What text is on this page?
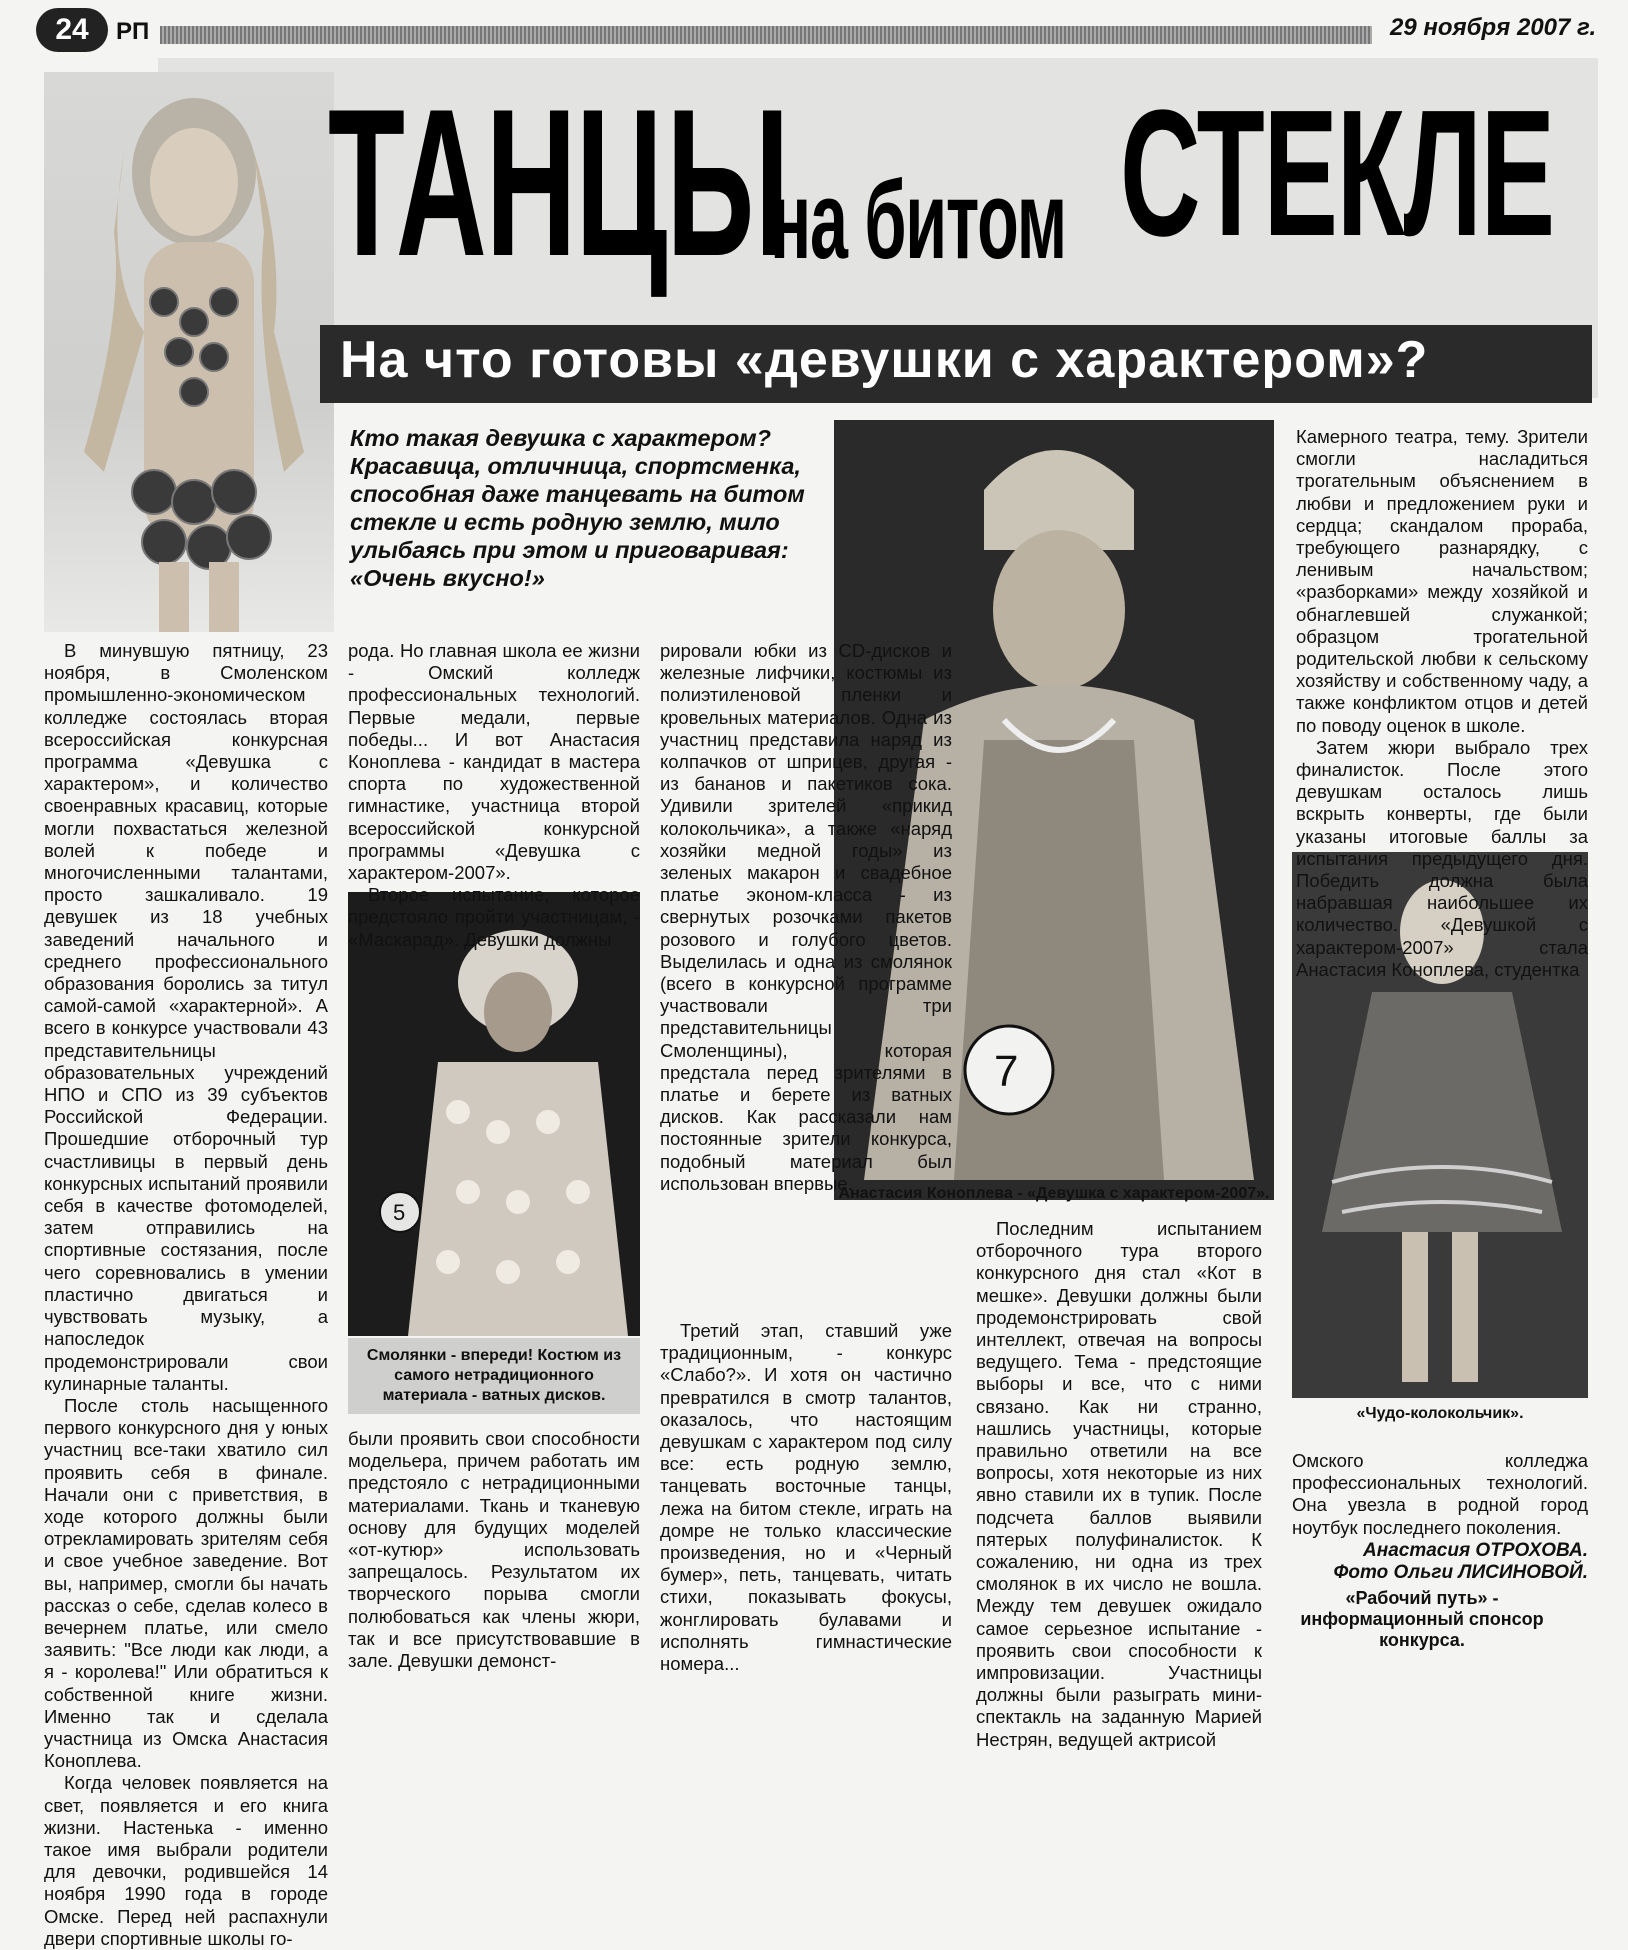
24	РП	29 ноября 2007 г.
ТАНЦЫ
на битом СТЕКЛЕ
На что готовы «девушки с характером»?
Кто такая девушка с характером? Красавица, отличница, спортсменка, способная даже танцевать на битом стекле и есть родную землю, мило улыбаясь при этом и приговаривая: «Очень вкусно!»
5
Смолянки - впереди! Костюм из самого нетрадиционного материала - ватных дисков.
7
Анастасия Коноплева - «Девушка с характером-2007».
«Чудо-колокольчик».

В минувшую пятницу, 23 ноября, в Смоленском промышленно-экономическом колледже состоялась вторая всероссийская конкурсная программа «Девушка с характером», и количество своенравных красавиц, которые могли похвастаться железной волей к победе и многочисленными талантами, просто зашкаливало. 19 девушек из 18 учебных заведений начального и среднего профессионального образования боролись за титул самой-самой «характерной». А всего в конкурсе участвовали 43 представительницы образовательных учреждений НПО и СПО из 39 субъектов Российской Федерации. Прошедшие отборочный тур счастливицы в первый день конкурсных испытаний проявили себя в качестве фотомоделей, затем отправились на спортивные состязания, после чего соревновались в умении пластично двигаться и чувствовать музыку, а напоследок продемонстрировали свои кулинарные таланты.

После столь насыщенного первого конкурсного дня у юных участниц все-таки хватило сил проявить себя в финале. Начали они с приветствия, в ходе которого должны были отрекламировать зрителям себя и свое учебное заведение. Вот вы, например, смогли бы начать рассказ о себе, сделав колесо в вечернем платье, или смело заявить: "Все люди как люди, а я - королева!" Или обратиться к собственной книге жизни. Именно так и сделала участница из Омска Анастасия Коноплева.

Когда человек появляется на свет, появляется и его книга жизни. Настенька - именно такое имя выбрали родители для девочки, родившейся 14 ноября 1990 года в городе Омске. Перед ней распахнули двери спортивные школы го-

рода. Но главная школа ее жизни - Омский колледж профессиональных технологий. Первые медали, первые победы... И вот Анастасия Коноплева - кандидат в мастера спорта по художественной гимнастике, участница второй всероссийской конкурсной программы «Девушка с характером-2007».

Второе испытание, которое предстояло пройти участницам, - «Маскарад». Девушки должны

были проявить свои способности модельера, причем работать им предстояло с нетрадиционными материалами. Ткань и тканевую основу для будущих моделей «от-кутюр» использовать запрещалось. Результатом их творческого порыва смогли полюбоваться как члены жюри, так и все присутствовавшие в зале. Девушки демонст-

рировали юбки из CD-дисков и железные лифчики, костюмы из полиэтиленовой пленки и кровельных материалов. Одна из участниц представила наряд из колпачков от шприцев, другая - из бананов и пакетиков сока. Удивили зрителей «прикид колокольчика», а также «наряд хозяйки медной годы» из зеленых макарон и свадебное платье эконом-класса - из свернутых розочками пакетов розового и голубого цветов. Выделилась и одна из смолянок (всего в конкурсной программе участвовали три представительницы Смоленщины), которая предстала перед зрителями в платье и берете из ватных дисков. Как рассказали нам постоянные зрители конкурса, подобный материал был использован впервые.

Третий этап, ставший уже традиционным, - конкурс «Слабо?». И хотя он частично превратился в смотр талантов, оказалось, что настоящим девушкам с характером под силу все: есть родную землю, танцевать восточные танцы, лежа на битом стекле, играть на домре не только классические произведения, но и «Черный бумер», петь, танцевать, читать стихи, показывать фокусы, жонглировать булавами и исполнять гимнастические номера...

Последним испытанием отборочного тура второго конкурсного дня стал «Кот в мешке». Девушки должны были продемонстрировать свой интеллект, отвечая на вопросы ведущего. Тема - предстоящие выборы и все, что с ними связано. Как ни странно, нашлись участницы, которые правильно ответили на все вопросы, хотя некоторые из них явно ставили их в тупик. После подсчета баллов выявили пятерых полуфиналисток. К сожалению, ни одна из трех смолянок в их число не вошла. Между тем девушек ожидало самое серьезное испытание - проявить свои способности к импровизации. Участницы должны были разыграть мини-спектакль на заданную Марией Нестрян, ведущей актрисой

Камерного театра, тему. Зрители смогли насладиться трогательным объяснением в любви и предложением руки и сердца; скандалом прораба, требующего разнарядку, с ленивым начальством; «разборками» между хозяйкой и обнаглевшей служанкой; образцом трогательной родительской любви к сельскому хозяйству и собственному чаду, а также конфликтом отцов и детей по поводу оценок в школе.

Затем жюри выбрало трех финалисток. После этого девушкам осталось лишь вскрыть конверты, где были указаны итоговые баллы за испытания предыдущего дня. Победить должна была набравшая наибольшее их количество. «Девушкой с характером-2007» стала Анастасия Коноплева, студентка

Омского колледжа профессиональных технологий. Она увезла в родной город ноутбук последнего поколения.

Анастасия ОТРОХОВА.
Фото Ольги ЛИСИНОВОЙ.
«Рабочий путь» - информационный спонсор конкурса.
